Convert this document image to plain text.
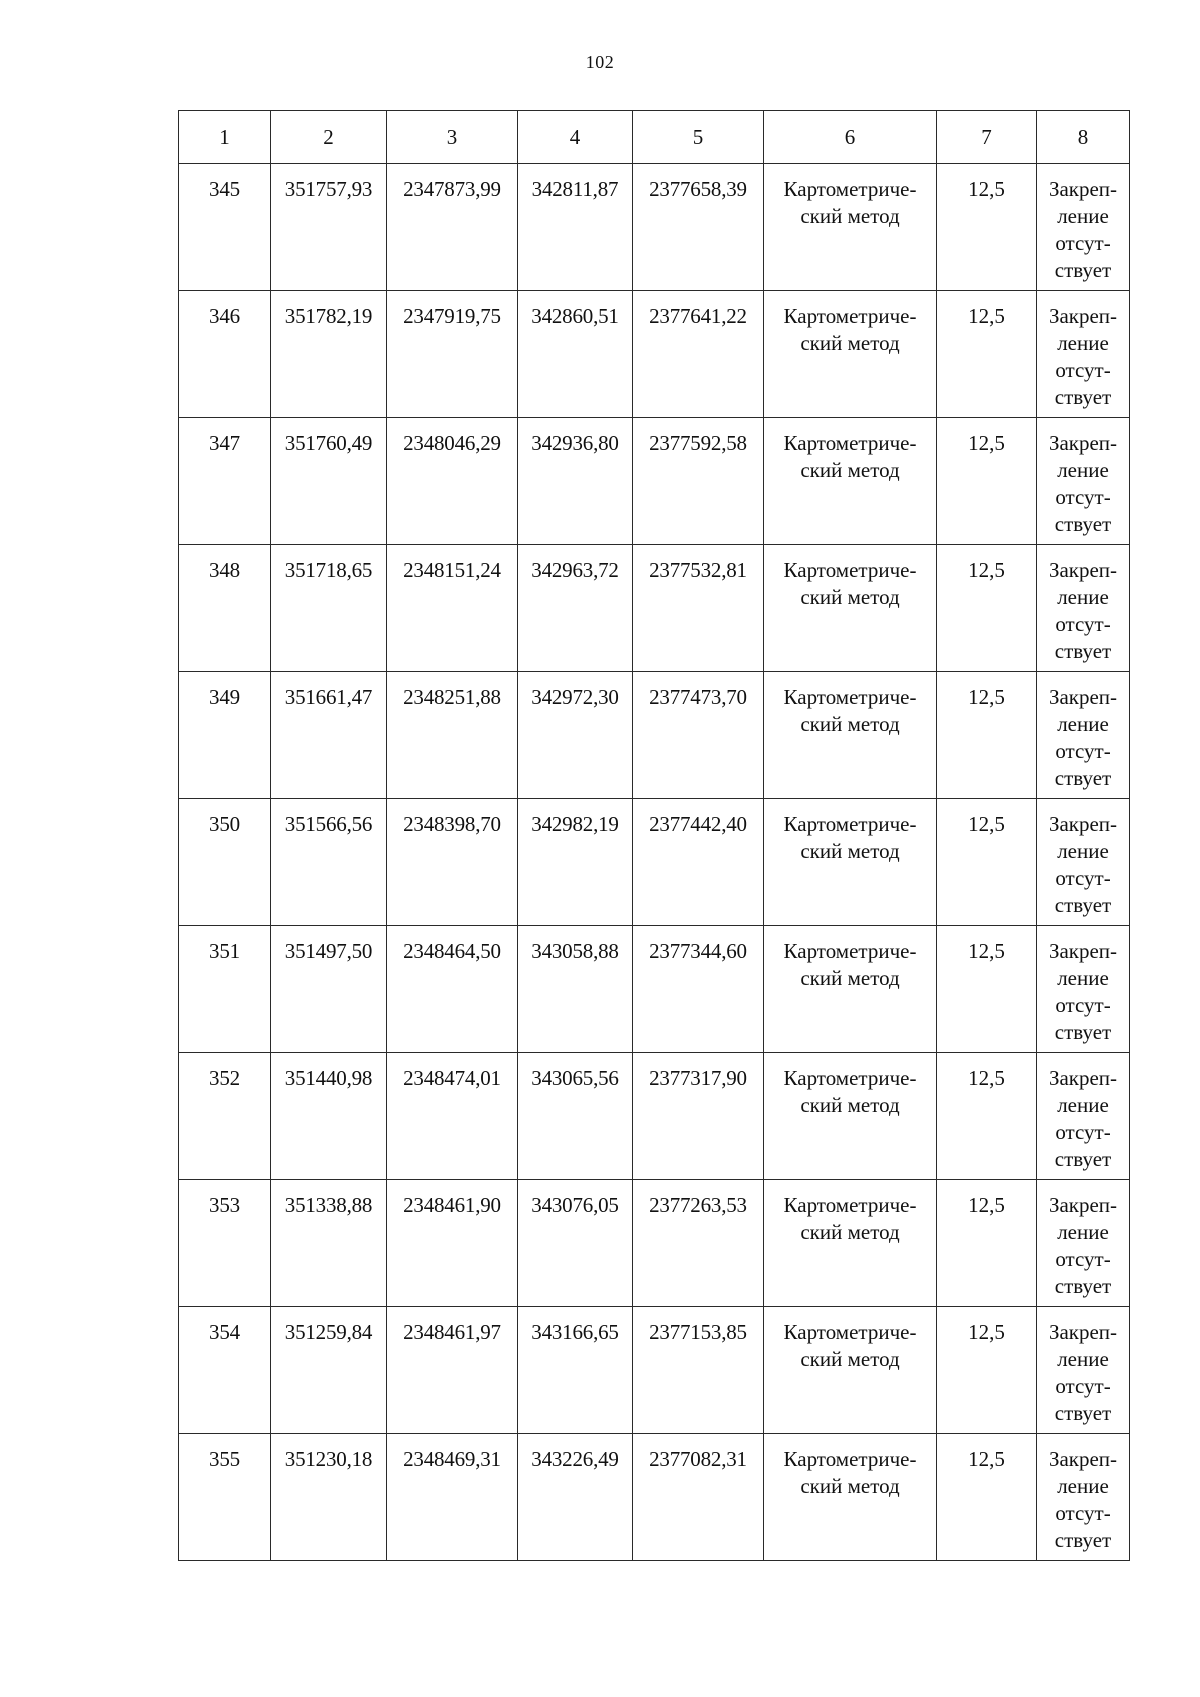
102
1	2	3	4	5	6	7	8
345	351757,93	2347873,99	342811,87	2377658,39	Картометриче-
ский метод	12,5	Закреп-
ление
отсут-
ствует

346	351782,19	2347919,75	342860,51	2377641,22	Картометриче-
ский метод	12,5	Закреп-
ление
отсут-
ствует

347	351760,49	2348046,29	342936,80	2377592,58	Картометриче-
ский метод	12,5	Закреп-
ление
отсут-
ствует

348	351718,65	2348151,24	342963,72	2377532,81	Картометриче-
ский метод	12,5	Закреп-
ление
отсут-
ствует

349	351661,47	2348251,88	342972,30	2377473,70	Картометриче-
ский метод	12,5	Закреп-
ление
отсут-
ствует

350	351566,56	2348398,70	342982,19	2377442,40	Картометриче-
ский метод	12,5	Закреп-
ление
отсут-
ствует

351	351497,50	2348464,50	343058,88	2377344,60	Картометриче-
ский метод	12,5	Закреп-
ление
отсут-
ствует

352	351440,98	2348474,01	343065,56	2377317,90	Картометриче-
ский метод	12,5	Закреп-
ление
отсут-
ствует

353	351338,88	2348461,90	343076,05	2377263,53	Картометриче-
ский метод	12,5	Закреп-
ление
отсут-
ствует

354	351259,84	2348461,97	343166,65	2377153,85	Картометриче-
ский метод	12,5	Закреп-
ление
отсут-
ствует

355	351230,18	2348469,31	343226,49	2377082,31	Картометриче-
ский метод	12,5	Закреп-
ление
отсут-
ствует
